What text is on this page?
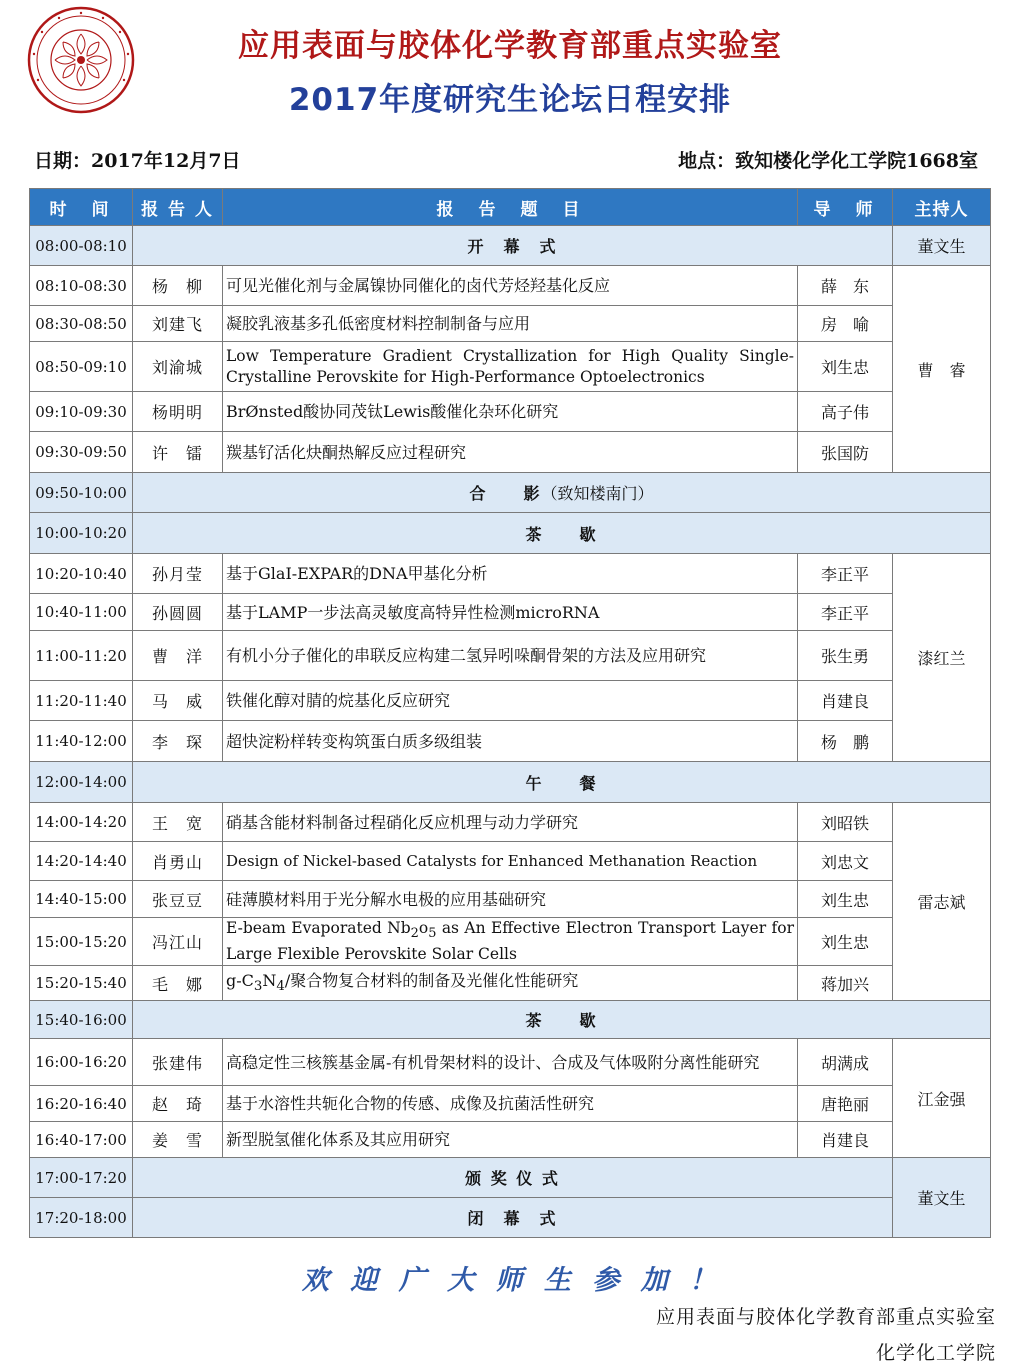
应用表面与胶体化学教育部重点实验室
2017年度研究生论坛日程安排
日期：2017年12月7日	地点：致知楼化学化工学院1668室
时　间	报 告 人	报　告　题　目	导　师	主持人
08:00-08:10	开　幕　式			董文生
08:10-08:30	杨　柳	可见光催化剂与金属镍协同催化的卤代芳烃羟基化反应	薛　东	曹　睿
08:30-08:50	刘建飞	凝胶乳液基多孔低密度材料控制制备与应用	房　喻	
08:50-09:10	刘渝城	Low Temperature Gradient Crystallization for High Quality Single-Crystalline Perovskite for High-Performance Optoelectronics	刘生忠	
09:10-09:30	杨明明	BrØnsted酸协同茂钛Lewis酸催化杂环化研究	高子伟	
09:30-09:50	许　镭	羰基钌活化炔酮热解反应过程研究	张国防	
09:50-10:00	合　　影（致知楼南门）			
10:00-10:20	茶　　歇			
10:20-10:40	孙月莹	基于GlaI-EXPAR的DNA甲基化分析	李正平	漆红兰
10:40-11:00	孙圆圆	基于LAMP一步法高灵敏度高特异性检测microRNA	李正平	
11:00-11:20	曹　洋	有机小分子催化的串联反应构建二氢异吲哚酮骨架的方法及应用研究	张生勇	
11:20-11:40	马　威	铁催化醇对腈的烷基化反应研究	肖建良	
11:40-12:00	李　琛	超快淀粉样转变构筑蛋白质多级组装	杨　鹏	
12:00-14:00	午　　餐			
14:00-14:20	王　宽	硝基含能材料制备过程硝化反应机理与动力学研究	刘昭铁	雷志斌
14:20-14:40	肖勇山	Design of Nickel-based Catalysts for Enhanced Methanation Reaction	刘忠文	
14:40-15:00	张豆豆	硅薄膜材料用于光分解水电极的应用基础研究	刘生忠	
15:00-15:20	冯江山	E-beam Evaporated $Nb_2o_5$ as An Effective Electron Transport Layer for Large Flexible Perovskite Solar Cells	刘生忠	
15:20-15:40	毛　娜	$g-C_3N_4/$聚合物复合材料的制备及光催化性能研究	蒋加兴	
15:40-16:00	茶　　歇			
16:00-16:20	张建伟	高稳定性三核簇基金属-有机骨架材料的设计、合成及气体吸附分离性能研究	胡满成	江金强
16:20-16:40	赵　琦	基于水溶性共轭化合物的传感、成像及抗菌活性研究	唐艳丽	
16:40-17:00	姜　雪	新型脱氢催化体系及其应用研究	肖建良	
17:00-17:20	颁 奖 仪 式			董文生
17:20-18:00	闭　幕　式			
欢 迎 广 大 师 生 参 加 ！
应用表面与胶体化学教育部重点实验室
化学化工学院
